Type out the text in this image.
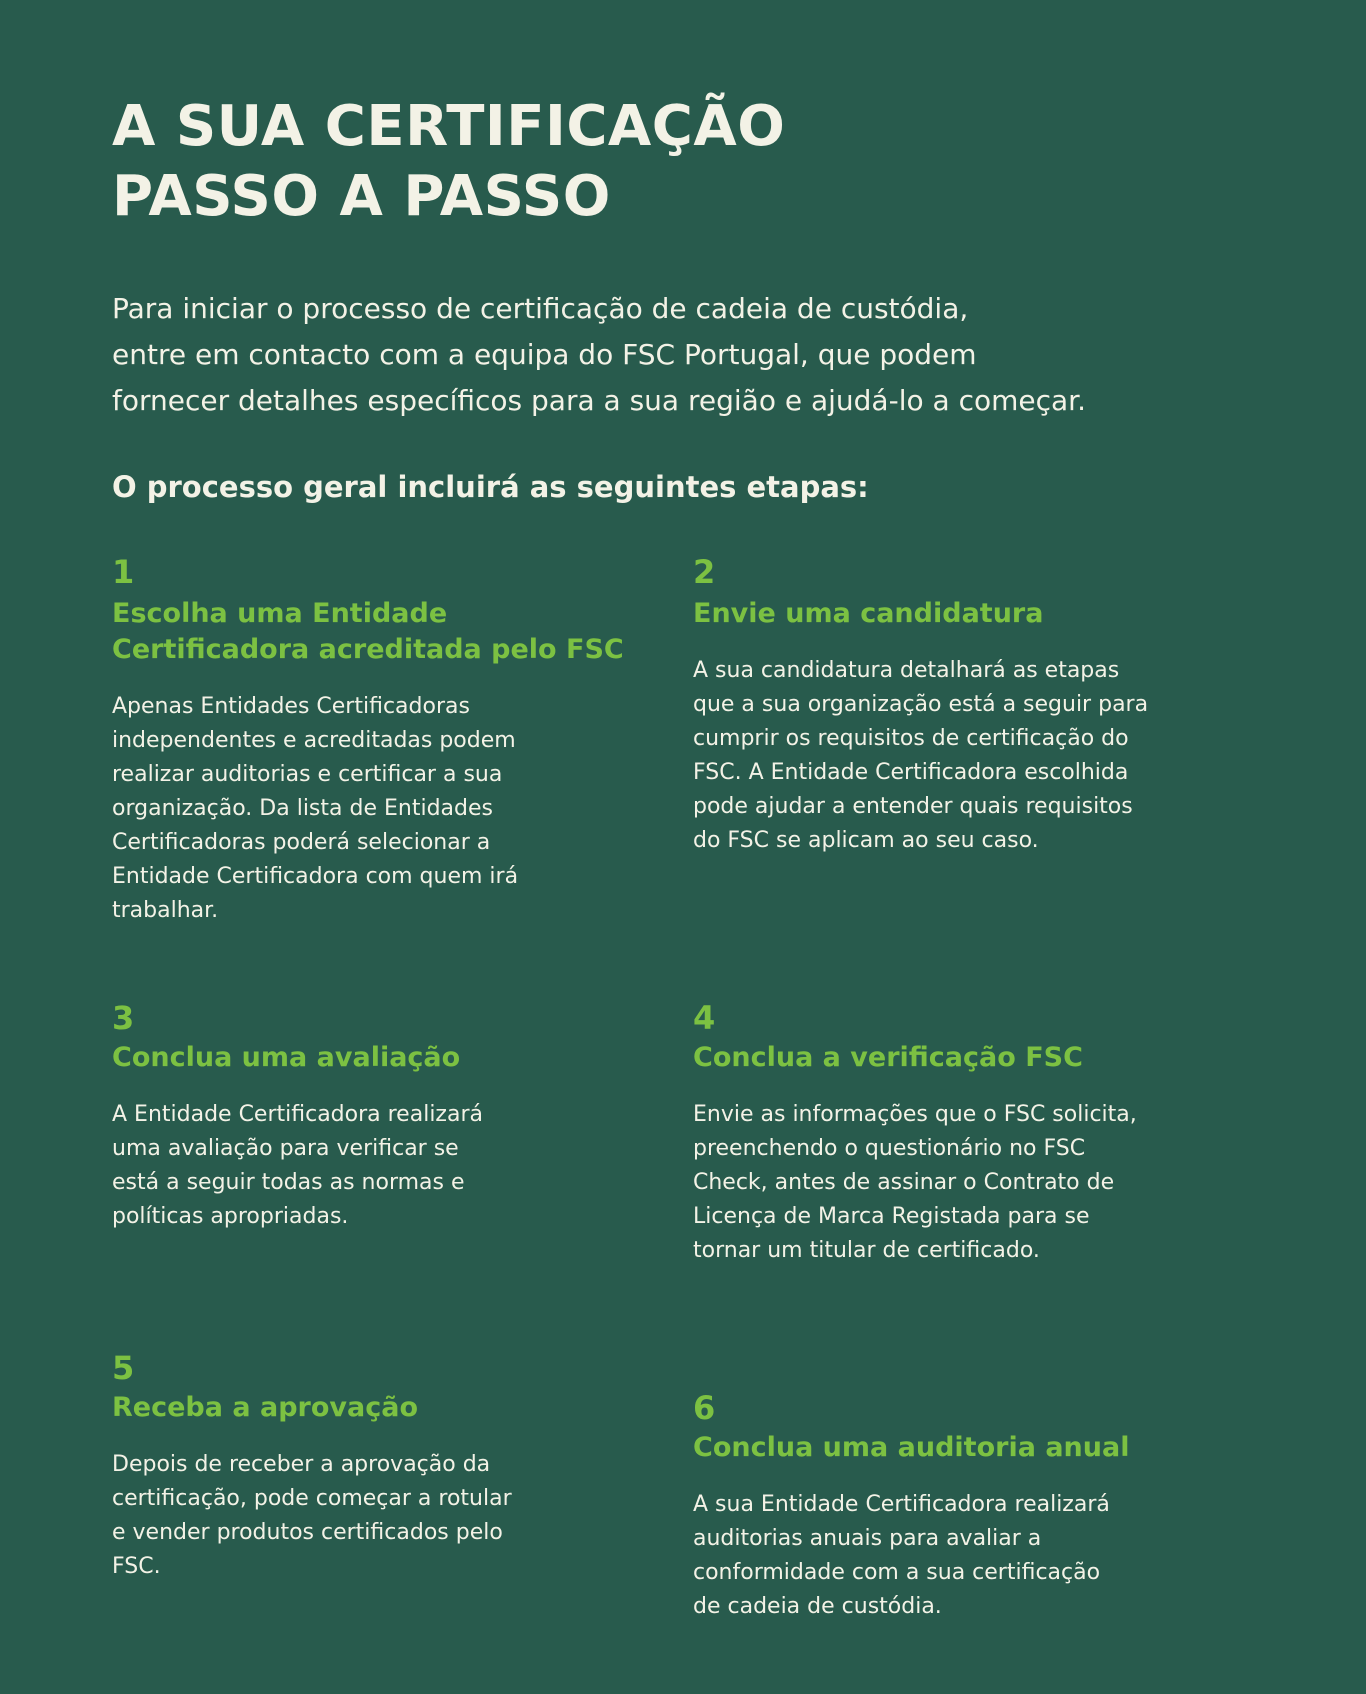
A SUA CERTIFICAÇÃO
PASSO A PASSO

Para iniciar o processo de certificação de cadeia de custódia,
entre em contacto com a equipa do FSC Portugal, que podem
fornecer detalhes específicos para a sua região e ajudá-lo a começar.

O processo geral incluirá as seguintes etapas:

1

Escolha uma Entidade
Certificadora acreditada pelo FSC

Apenas Entidades Certificadoras
independentes e acreditadas podem
realizar auditorias e certificar a sua
organização. Da lista de Entidades
Certificadoras poderá selecionar a
Entidade Certificadora com quem irá
trabalhar.

2

Envie uma candidatura

A sua candidatura detalhará as etapas
que a sua organização está a seguir para
cumprir os requisitos de certificação do
FSC. A Entidade Certificadora escolhida
pode ajudar a entender quais requisitos
do FSC se aplicam ao seu caso.

3

Conclua uma avaliação

A Entidade Certificadora realizará
uma avaliação para verificar se
está a seguir todas as normas e
políticas apropriadas.

4

Conclua a verificação FSC

Envie as informações que o FSC solicita,
preenchendo o questionário no FSC
Check, antes de assinar o Contrato de
Licença de Marca Registada para se
tornar um titular de certificado.

5

Receba a aprovação

Depois de receber a aprovação da
certificação, pode começar a rotular
e vender produtos certificados pelo
FSC.

6

Conclua uma auditoria anual

A sua Entidade Certificadora realizará
auditorias anuais para avaliar a
conformidade com a sua certificação
de cadeia de custódia.
